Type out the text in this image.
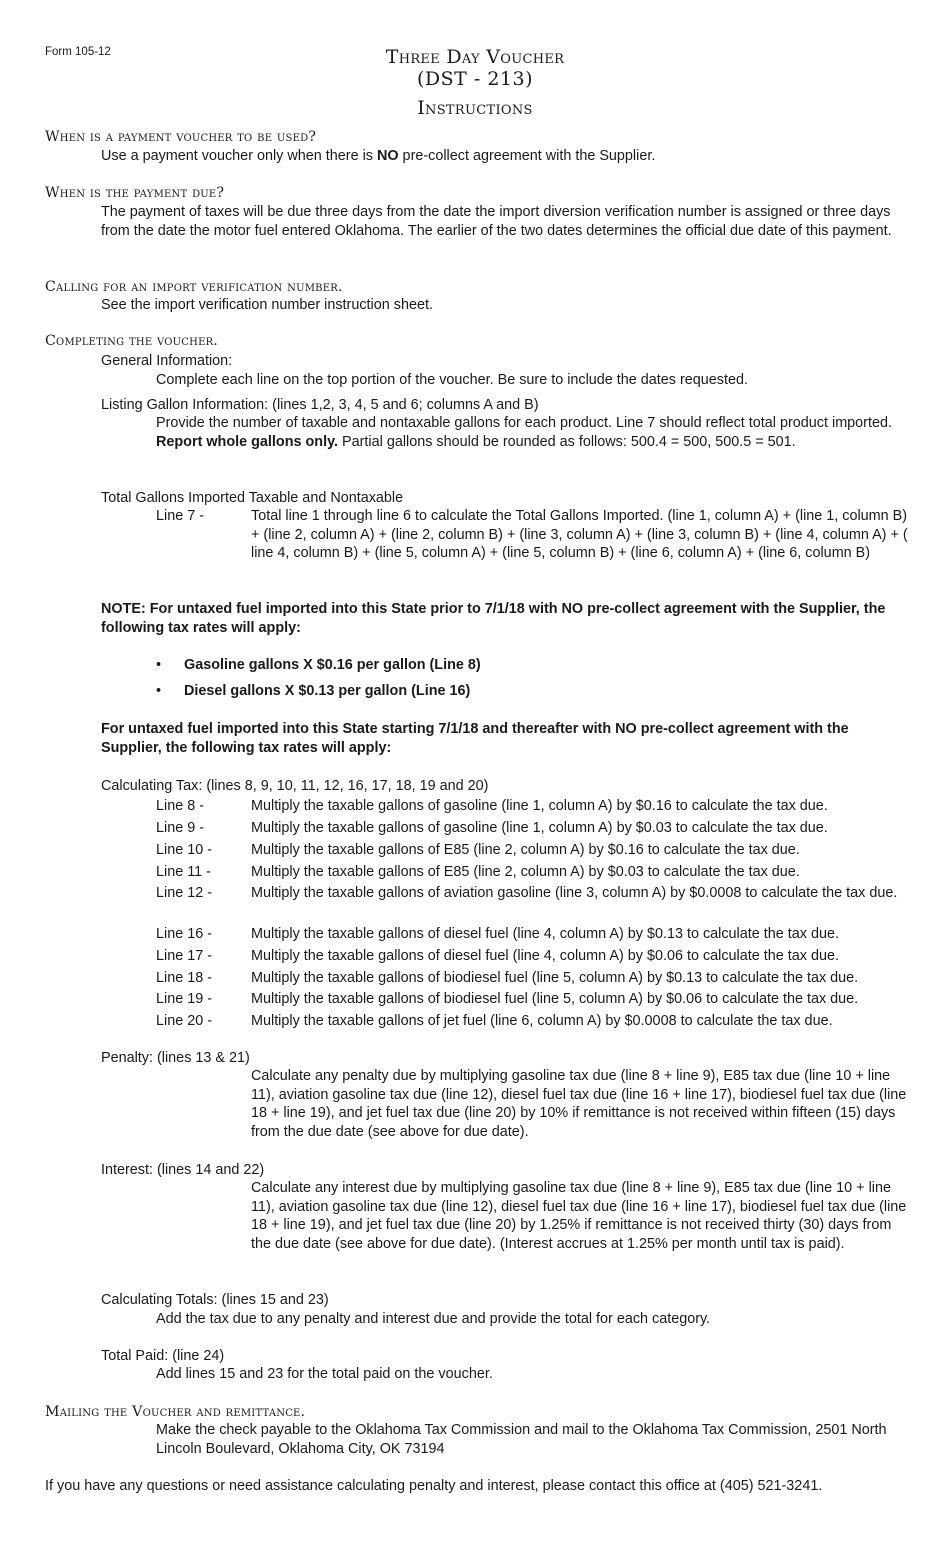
Form 105-12	Three Day Voucher
(DST - 213)
Instructions
When is a payment voucher to be used?
Use a payment voucher only when there is NO pre-collect agreement with the Supplier.
When is the payment due?
The payment of taxes will be due three days from the date the import diversion verification number is assigned or three days from the date the motor fuel entered Oklahoma. The earlier of the two dates determines the official due date of this payment.
Calling for an import verification number.
See the import verification number instruction sheet.
Completing the voucher.
General Information:
Complete each line on the top portion of the voucher. Be sure to include the dates requested.
Listing Gallon Information: (lines 1,2, 3, 4, 5 and 6; columns A and B)
Provide the number of taxable and nontaxable gallons for each product. Line 7 should reflect total product imported. Report whole gallons only. Partial gallons should be rounded as follows: 500.4 = 500, 500.5 = 501.
Total Gallons Imported Taxable and Nontaxable
Line 7 -	Total line 1 through line 6 to calculate the Total Gallons Imported. (line 1, column A) + (line 1, column B) + (line 2, column A) + (line 2, column B) + (line 3, column A) + (line 3, column B) + (line 4, column A) + ( line 4, column B) + (line 5, column A) + (line 5, column B) + (line 6, column A) + (line 6, column B)
NOTE: For untaxed fuel imported into this State prior to 7/1/18 with NO pre-collect agreement with the Supplier, the following tax rates will apply:
• Gasoline gallons X $0.16 per gallon (Line 8)
• Diesel gallons X $0.13 per gallon (Line 16)
For untaxed fuel imported into this State starting 7/1/18 and thereafter with NO pre-collect agreement with the Supplier, the following tax rates will apply:
Calculating Tax: (lines 8, 9, 10, 11, 12, 16, 17, 18, 19 and 20)
Line 8 -	Multiply the taxable gallons of gasoline (line 1, column A) by $0.16 to calculate the tax due.
Line 9 -	Multiply the taxable gallons of gasoline (line 1, column A) by $0.03 to calculate the tax due.
Line 10 -	Multiply the taxable gallons of E85 (line 2, column A) by $0.16 to calculate the tax due.
Line 11 -	Multiply the taxable gallons of E85 (line 2, column A) by $0.03 to calculate the tax due.
Line 12 -	Multiply the taxable gallons of aviation gasoline (line 3, column A) by $0.0008 to calculate the tax due.
Line 16 -	Multiply the taxable gallons of diesel fuel (line 4, column A) by $0.13 to calculate the tax due.
Line 17 -	Multiply the taxable gallons of diesel fuel (line 4, column A) by $0.06 to calculate the tax due.
Line 18 -	Multiply the taxable gallons of biodiesel fuel (line 5, column A) by $0.13 to calculate the tax due.
Line 19 -	Multiply the taxable gallons of biodiesel fuel (line 5, column A) by $0.06 to calculate the tax due.
Line 20 -	Multiply the taxable gallons of jet fuel (line 6, column A) by $0.0008 to calculate the tax due.
Penalty: (lines 13 & 21)
Calculate any penalty due by multiplying gasoline tax due (line 8 + line 9), E85 tax due (line 10 + line 11), aviation gasoline tax due (line 12), diesel fuel tax due (line 16 + line 17), biodiesel fuel tax due (line 18 + line 19), and jet fuel tax due (line 20) by 10% if remittance is not received within fifteen (15) days from the due date (see above for due date).
Interest: (lines 14 and 22)
Calculate any interest due by multiplying gasoline tax due (line 8 + line 9), E85 tax due (line 10 + line 11), aviation gasoline tax due (line 12), diesel fuel tax due (line 16 + line 17), biodiesel fuel tax due (line 18 + line 19), and jet fuel tax due (line 20) by 1.25% if remittance is not received thirty (30) days from the due date (see above for due date). (Interest accrues at 1.25% per month until tax is paid).
Calculating Totals: (lines 15 and 23)
Add the tax due to any penalty and interest due and provide the total for each category.
Total Paid: (line 24)
Add lines 15 and 23 for the total paid on the voucher.
Mailing the Voucher and remittance.
Make the check payable to the Oklahoma Tax Commission and mail to the Oklahoma Tax Commission, 2501 North Lincoln Boulevard, Oklahoma City, OK 73194
If you have any questions or need assistance calculating penalty and interest, please contact this office at (405) 521-3241.
